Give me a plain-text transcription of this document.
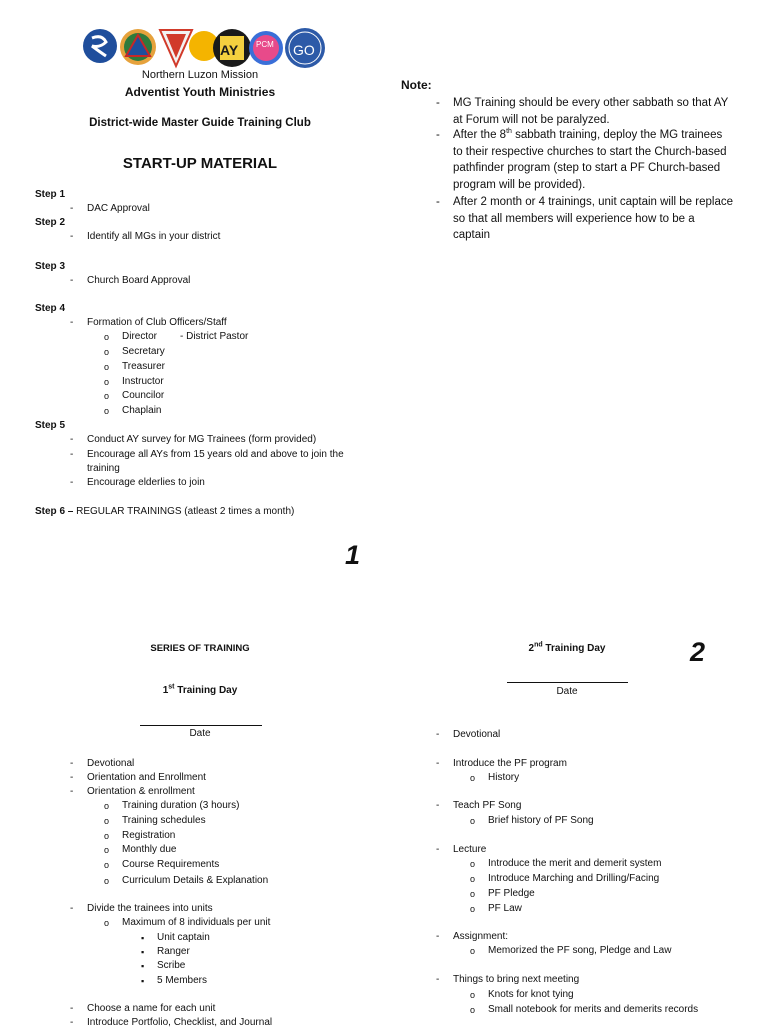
AY PCM GO
Northern Luzon Mission
Adventist Youth Ministries
District-wide Master Guide Training Club
START-UP MATERIAL
Step 1
- DAC Approval
Step 2
- Identify all MGs in your district
Step 3
- Church Board Approval
Step 4
- Formation of Club Officers/Staff
o Director - District Pastor
o Secretary
o Treasurer
o Instructor
o Councilor
o Chaplain
Step 5
- Conduct AY survey for MG Trainees (form provided)
- Encourage all AYs from 15 years old and above to join the
training
- Encourage elderlies to join
Step 6 – REGULAR TRAININGS (atleast 2 times a month)
Note:
- MG Training should be every other sabbath so that AY at Forum will not be paralyzed.
- After the 8th sabbath training, deploy the MG trainees to their respective churches to start the Church-based pathfinder program (step to start a PF Church-based program will be provided).
- After 2 month or 4 trainings, unit captain will be replace so that all members will experience how to be a captain
1
2
SERIES OF TRAINING
1st Training Day
Date
- Devotional
- Orientation and Enrollment
- Orientation & enrollment
o Training duration (3 hours)
o Training schedules
o Registration
o Monthly due
o Course Requirements
o Curriculum Details & Explanation
- Divide the trainees into units
o Maximum of 8 individuals per unit
▪ Unit captain
▪ Ranger
▪ Scribe
▪ 5 Members
- Choose a name for each unit
- Introduce Portfolio, Checklist, and Journal
2nd Training Day
Date
- Devotional
- Introduce the PF program
o History
- Teach PF Song
o Brief history of PF Song
- Lecture
o Introduce the merit and demerit system
o Introduce Marching and Drilling/Facing
o PF Pledge
o PF Law
- Assignment:
o Memorized the PF song, Pledge and Law
- Things to bring next meeting
o Knots for knot tying
o Small notebook for merits and demerits records
